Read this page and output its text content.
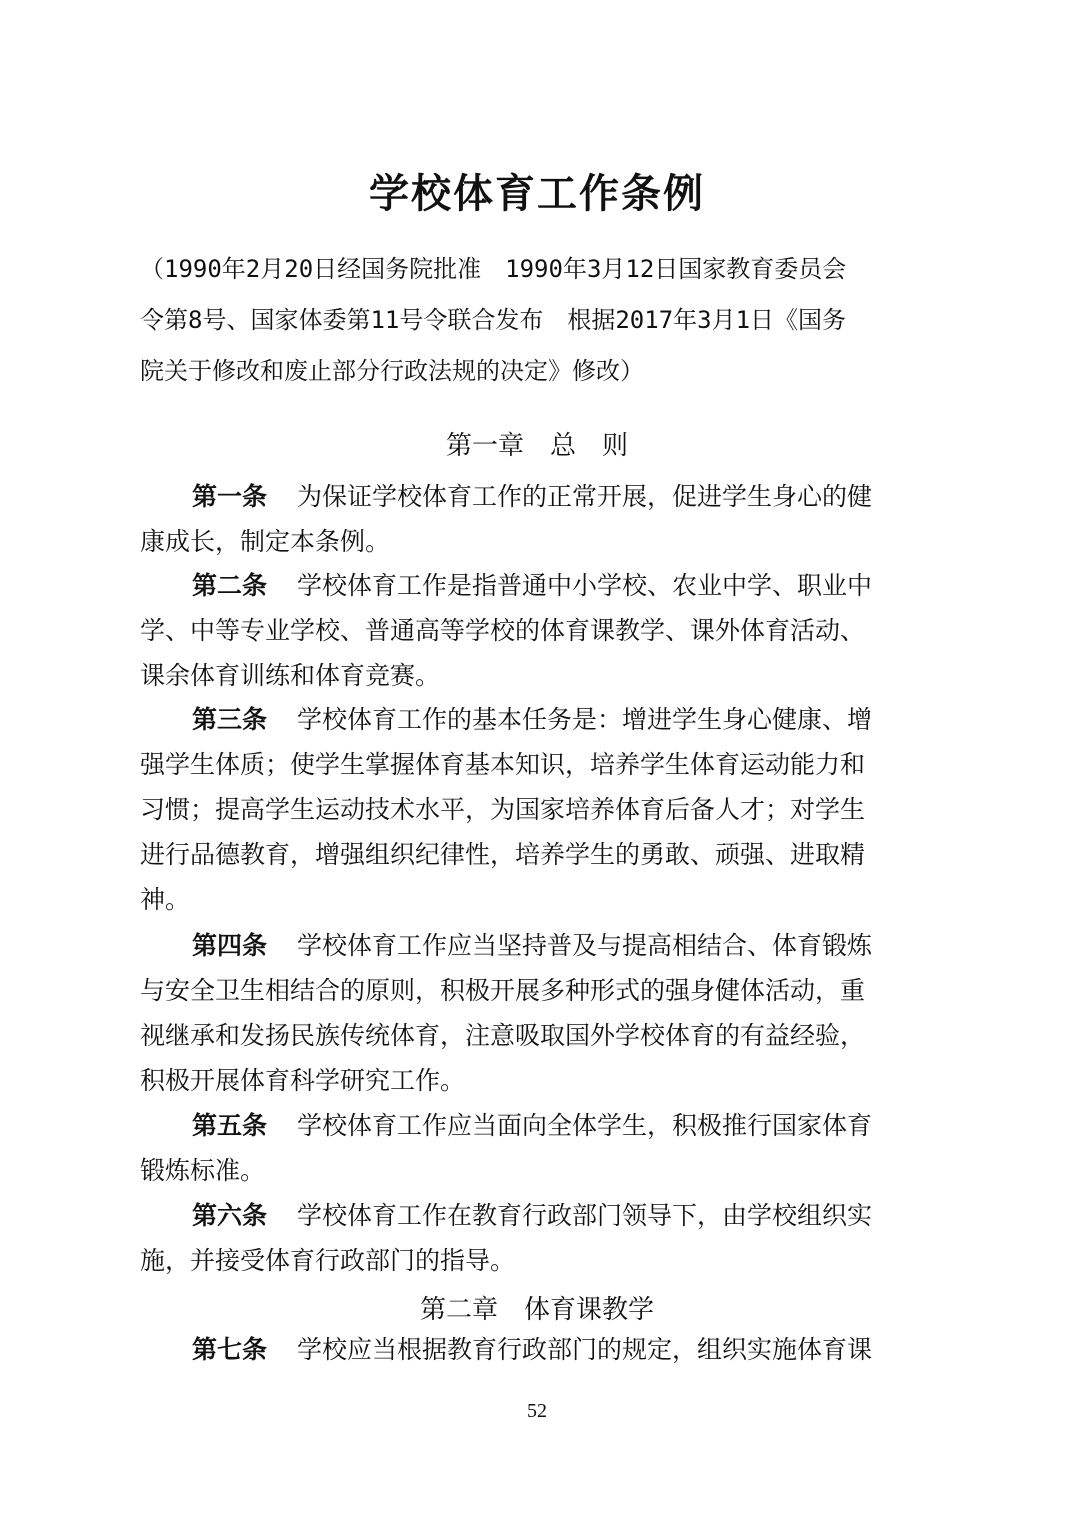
学校体育工作条例
（1990年2月20日经国务院批准　1990年3月12日国家教育委员会
令第8号、国家体委第11号令联合发布　根据2017年3月1日《国务
院关于修改和废止部分行政法规的决定》修改）
第一章　总　则
第一条 为保证学校体育工作的正常开展，促进学生身心的健
康成长，制定本条例。
第二条 学校体育工作是指普通中小学校、农业中学、职业中
学、中等专业学校、普通高等学校的体育课教学、课外体育活动、
课余体育训练和体育竞赛。
第三条 学校体育工作的基本任务是：增进学生身心健康、增
强学生体质；使学生掌握体育基本知识，培养学生体育运动能力和
习惯；提高学生运动技术水平，为国家培养体育后备人才；对学生
进行品德教育，增强组织纪律性，培养学生的勇敢、顽强、进取精
神。
第四条 学校体育工作应当坚持普及与提高相结合、体育锻炼
与安全卫生相结合的原则，积极开展多种形式的强身健体活动，重
视继承和发扬民族传统体育，注意吸取国外学校体育的有益经验，
积极开展体育科学研究工作。
第五条 学校体育工作应当面向全体学生，积极推行国家体育
锻炼标准。
第六条 学校体育工作在教育行政部门领导下，由学校组织实
施，并接受体育行政部门的指导。
第二章　体育课教学
第七条 学校应当根据教育行政部门的规定，组织实施体育课
52
